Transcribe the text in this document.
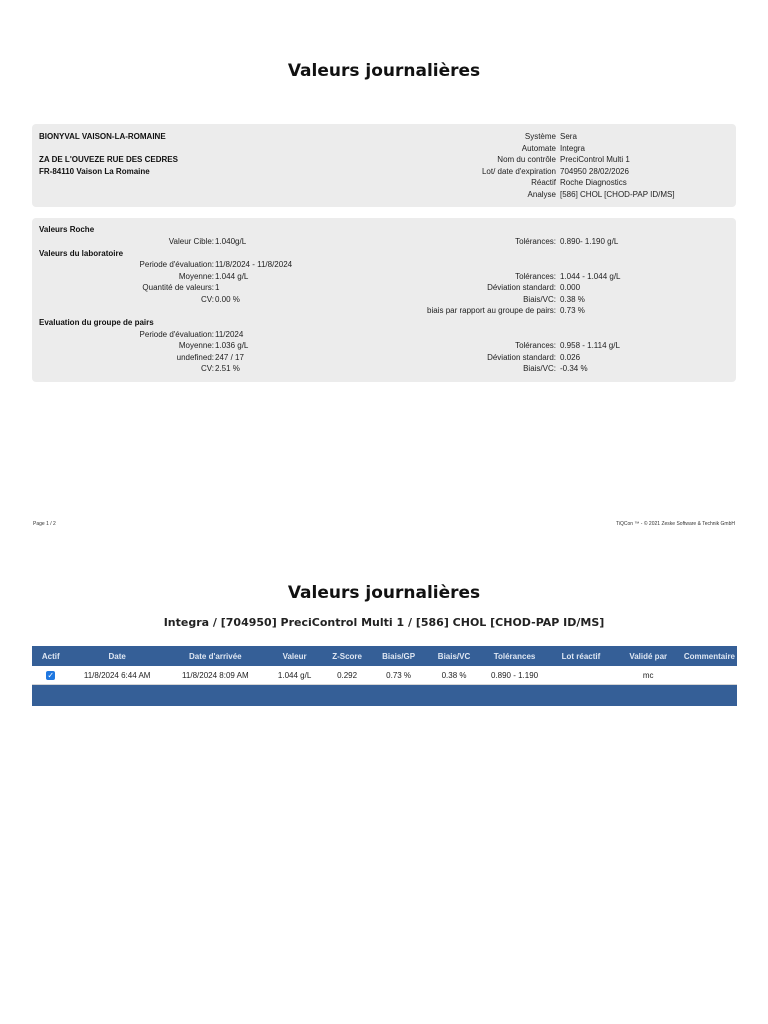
Valeurs journalières
BIONYVAL VAISON-LA-ROMAINE
ZA DE L'OUVEZE RUE DES CEDRES
FR-84110 Vaison La Romaine
Système Sera
Automate Integra
Nom du contrôle PreciControl Multi 1
Lot/ date d'expiration 704950 28/02/2026
Réactif Roche Diagnostics
Analyse [586] CHOL [CHOD-PAP ID/MS]
Valeurs Roche
Valeur Cible: 1.040g/L	Tolérances: 0.890- 1.190 g/L
Valeurs du laboratoire
Periode d'évaluation: 11/8/2024 - 11/8/2024
Moyenne: 1.044 g/L
Quantité de valeurs: 1
CV: 0.00 %
Tolérances: 1.044 - 1.044 g/L
Déviation standard: 0.000
Biais/VC: 0.38 %
biais par rapport au groupe de pairs: 0.73 %
Evaluation du groupe de pairs
Periode d'évaluation: 11/2024
Moyenne: 1.036 g/L
undefined: 247 / 17
CV: 2.51 %
Tolérances: 0.958 - 1.114 g/L
Déviation standard: 0.026
Biais/VC: -0.34 %
Page 1 / 2	TiQCon ™ - © 2021 Zeske Software & Technik GmbH
Valeurs journalières
Integra / [704950] PreciControl Multi 1 / [586] CHOL [CHOD-PAP ID/MS]
Actif	Date	Date d'arrivée	Valeur	Z-Score	Biais/GP	Biais/VC	Tolérances	Lot réactif	Validé par	Commentaire
✓	11/8/2024 6:44 AM	11/8/2024 8:09 AM	1.044 g/L	0.292	0.73 %	0.38 %	0.890 - 1.190		mc	
